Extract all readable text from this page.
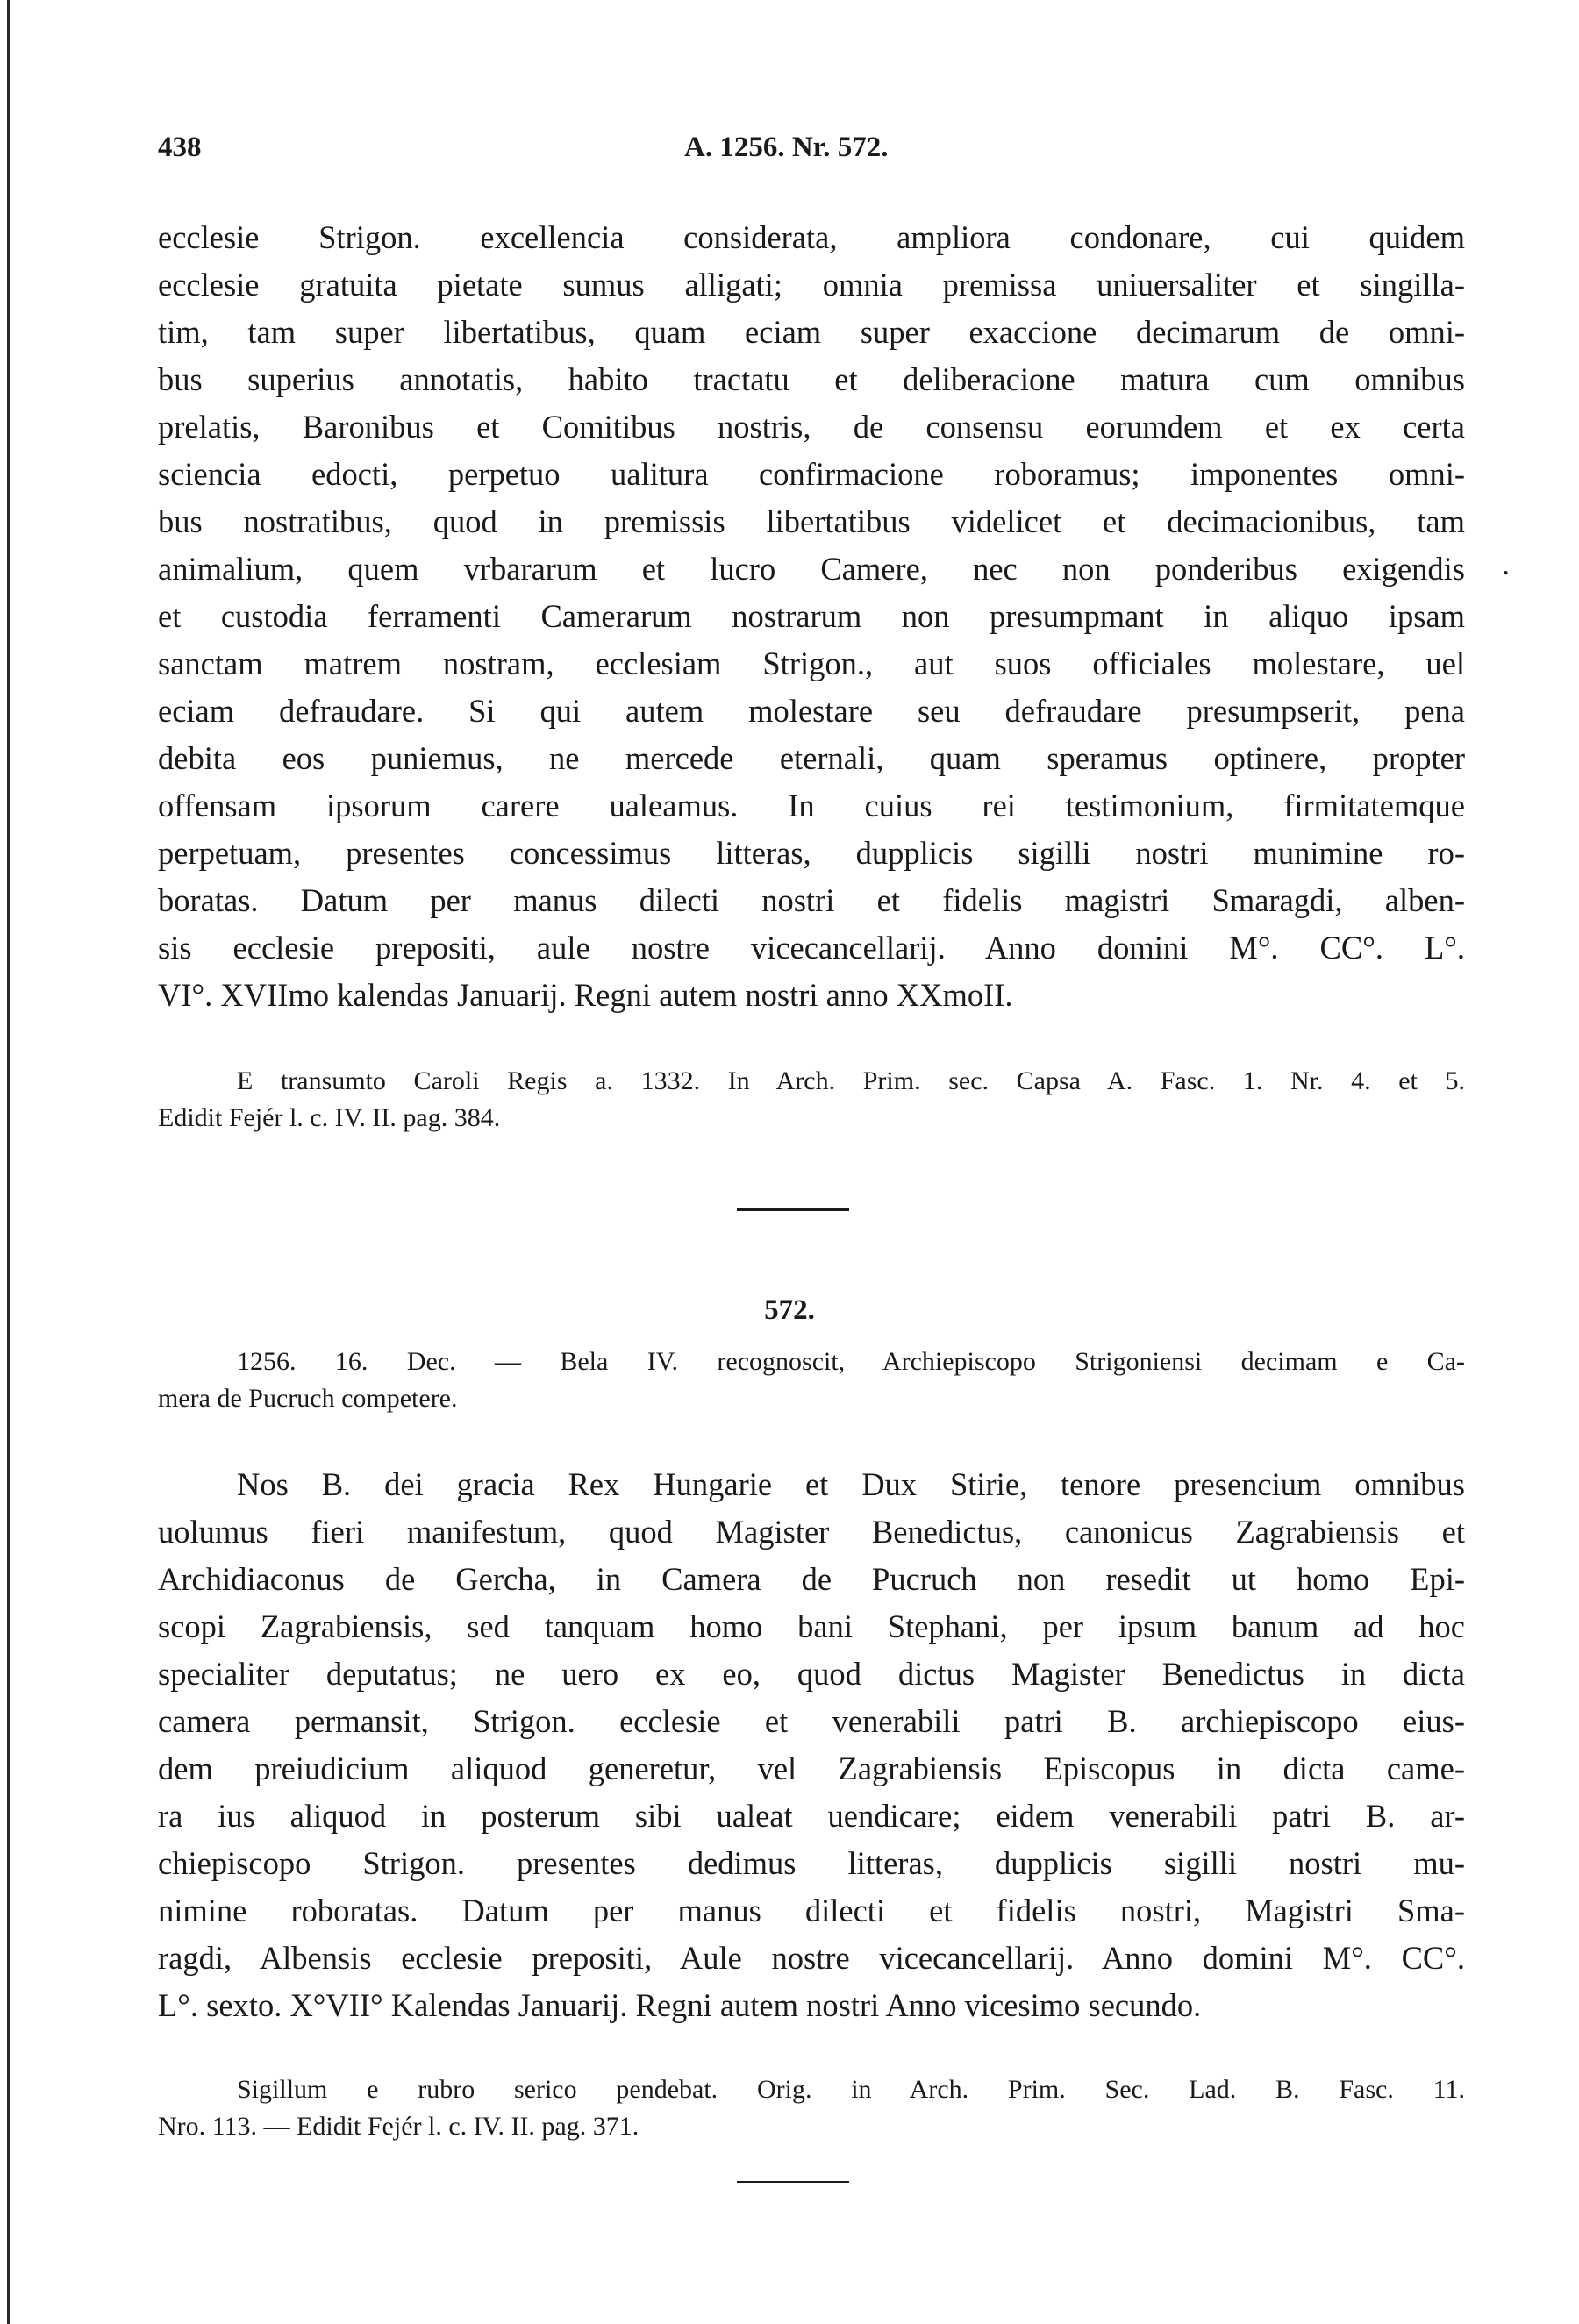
438	A. 1256. Nr. 572.
ecclesie Strigon. excellencia considerata, ampliora condonare, cui quidem
ecclesie gratuita pietate sumus alligati; omnia premissa uniuersaliter et singilla-
tim, tam super libertatibus, quam eciam super exaccione decimarum de omni-
bus superius annotatis, habito tractatu et deliberacione matura cum omnibus
prelatis, Baronibus et Comitibus nostris, de consensu eorumdem et ex certa
sciencia edocti, perpetuo ualitura confirmacione roboramus; imponentes omni-
bus nostratibus, quod in premissis libertatibus videlicet et decimacionibus, tam
animalium, quem vrbararum et lucro Camere, nec non ponderibus exigendis
et custodia ferramenti Camerarum nostrarum non presumpmant in aliquo ipsam
sanctam matrem nostram, ecclesiam Strigon., aut suos officiales molestare, uel
eciam defraudare. Si qui autem molestare seu defraudare presumpserit, pena
debita eos puniemus, ne mercede eternali, quam speramus optinere, propter
offensam ipsorum carere ualeamus. In cuius rei testimonium, firmitatemque
perpetuam, presentes concessimus litteras, dupplicis sigilli nostri munimine ro-
boratas. Datum per manus dilecti nostri et fidelis magistri Smaragdi, alben-
sis ecclesie prepositi, aule nostre vicecancellarij. Anno domini M°. CC°. L°.
VI°. XVIImo kalendas Januarij. Regni autem nostri anno XXmoII.
.
E transumto Caroli Regis a. 1332. In Arch. Prim. sec. Capsa A. Fasc. 1. Nr. 4. et 5.
Edidit Fejér l. c. IV. II. pag. 384.
572.
1256. 16. Dec. — Bela IV. recognoscit, Archiepiscopo Strigoniensi decimam e Ca-
mera de Pucruch competere.
Nos B. dei gracia Rex Hungarie et Dux Stirie, tenore presencium omnibus
uolumus fieri manifestum, quod Magister Benedictus, canonicus Zagrabiensis et
Archidiaconus de Gercha, in Camera de Pucruch non resedit ut homo Epi-
scopi Zagrabiensis, sed tanquam homo bani Stephani, per ipsum banum ad hoc
specialiter deputatus; ne uero ex eo, quod dictus Magister Benedictus in dicta
camera permansit, Strigon. ecclesie et venerabili patri B. archiepiscopo eius-
dem preiudicium aliquod generetur, vel Zagrabiensis Episcopus in dicta came-
ra ius aliquod in posterum sibi ualeat uendicare; eidem venerabili patri B. ar-
chiepiscopo Strigon. presentes dedimus litteras, dupplicis sigilli nostri mu-
nimine roboratas. Datum per manus dilecti et fidelis nostri, Magistri Sma-
ragdi, Albensis ecclesie prepositi, Aule nostre vicecancellarij. Anno domini M°. CC°.
L°. sexto. X°VII° Kalendas Januarij. Regni autem nostri Anno vicesimo secundo.
Sigillum e rubro serico pendebat. Orig. in Arch. Prim. Sec. Lad. B. Fasc. 11.
Nro. 113. — Edidit Fejér l. c. IV. II. pag. 371.
